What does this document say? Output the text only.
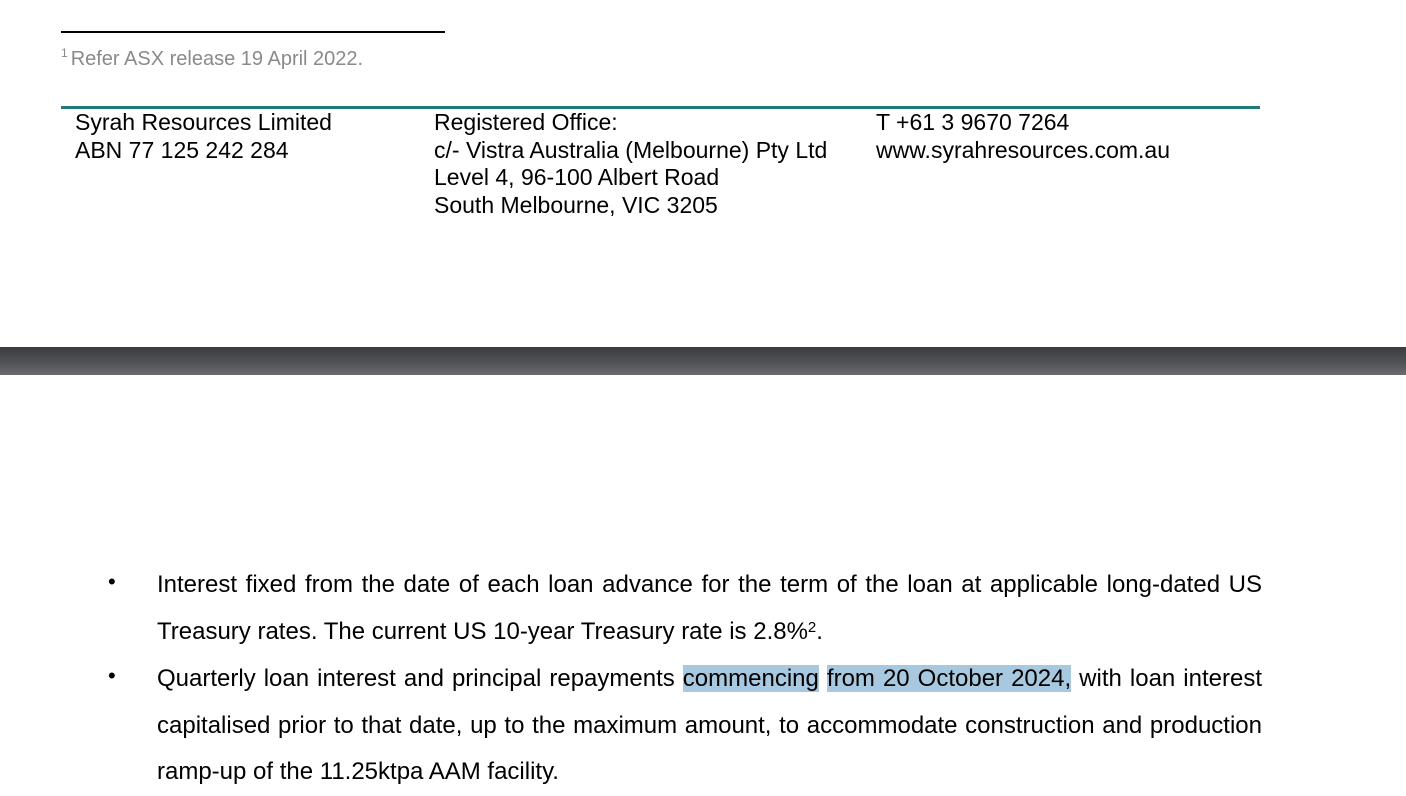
$^1$ Refer ASX release 19 April 2022.
Syrah Resources Limited
ABN 77 125 242 284
Registered Office:
c/- Vistra Australia (Melbourne) Pty Ltd
Level 4, 96-100 Albert Road
South Melbourne, VIC 3205
T +61 3 9670 7264
www.syrahresources.com.au
• Interest fixed from the date of each loan advance for the term of the loan at applicable long-dated US Treasury rates. The current US 10-year Treasury rate is 2.8%$^2$.
• Quarterly loan interest and principal repayments commencing from 20 October 2024, with loan interest capitalised prior to that date, up to the maximum amount, to accommodate construction and production ramp-up of the 11.25ktpa AAM facility.
